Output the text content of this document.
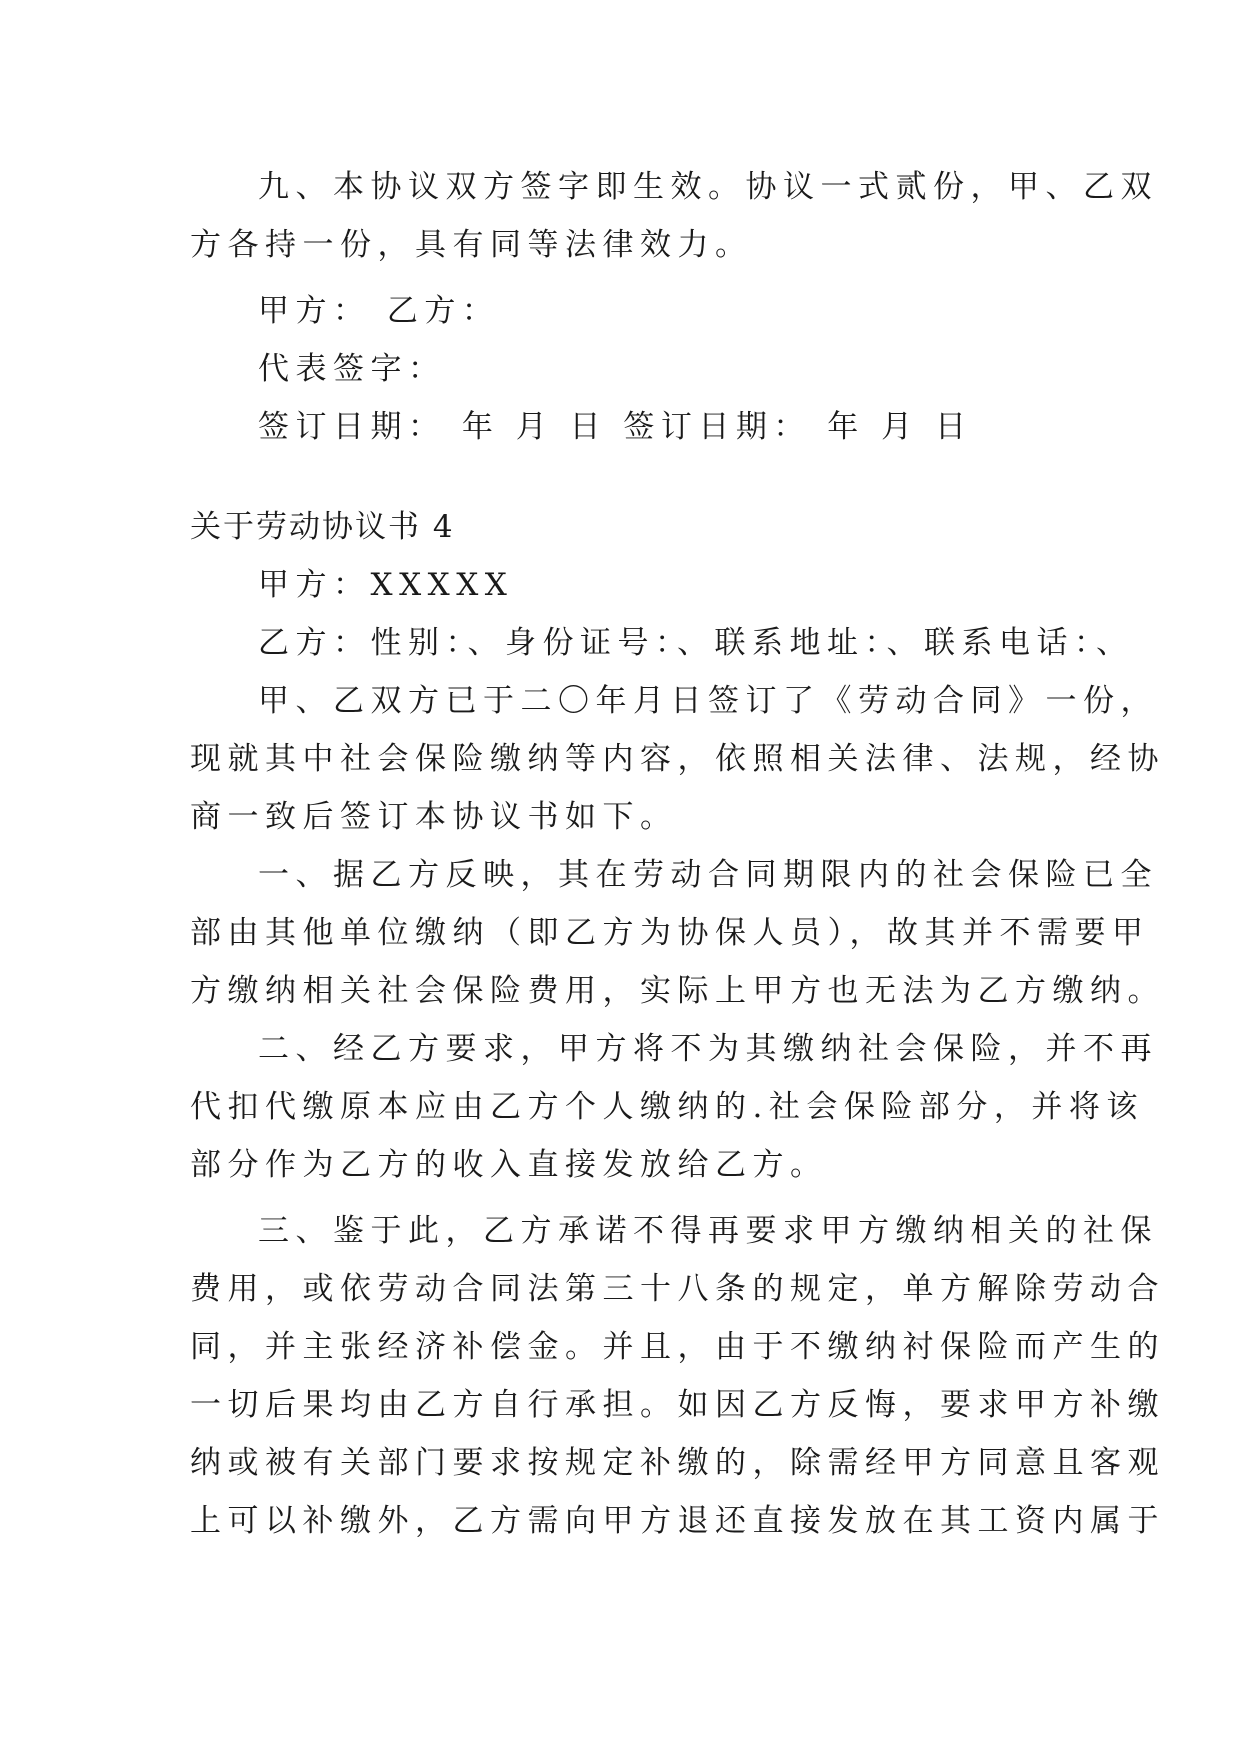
九、本协议双方签字即生效。协议一式贰份，甲、乙双

方各持一份，具有同等法律效力。

甲方： 乙方：

代表签字：

签订日期： 年 月 日 签订日期： 年 月 日

关于劳动协议书 4

甲方：XXXXX

乙方：性别：、身份证号：、联系地址：、联系电话：、

甲、乙双方已于二〇年月日签订了《劳动合同》一份，

现就其中社会保险缴纳等内容，依照相关法律、法规，经协

商一致后签订本协议书如下。

一、据乙方反映，其在劳动合同期限内的社会保险已全

部由其他单位缴纳（即乙方为协保人员），故其并不需要甲

方缴纳相关社会保险费用，实际上甲方也无法为乙方缴纳。

二、经乙方要求，甲方将不为其缴纳社会保险，并不再

代扣代缴原本应由乙方个人缴纳的.社会保险部分，并将该

部分作为乙方的收入直接发放给乙方。

三、鉴于此，乙方承诺不得再要求甲方缴纳相关的社保

费用，或依劳动合同法第三十八条的规定，单方解除劳动合

同，并主张经济补偿金。并且，由于不缴纳衬保险而产生的

一切后果均由乙方自行承担。如因乙方反悔，要求甲方补缴

纳或被有关部门要求按规定补缴的，除需经甲方同意且客观

上可以补缴外，乙方需向甲方退还直接发放在其工资内属于
